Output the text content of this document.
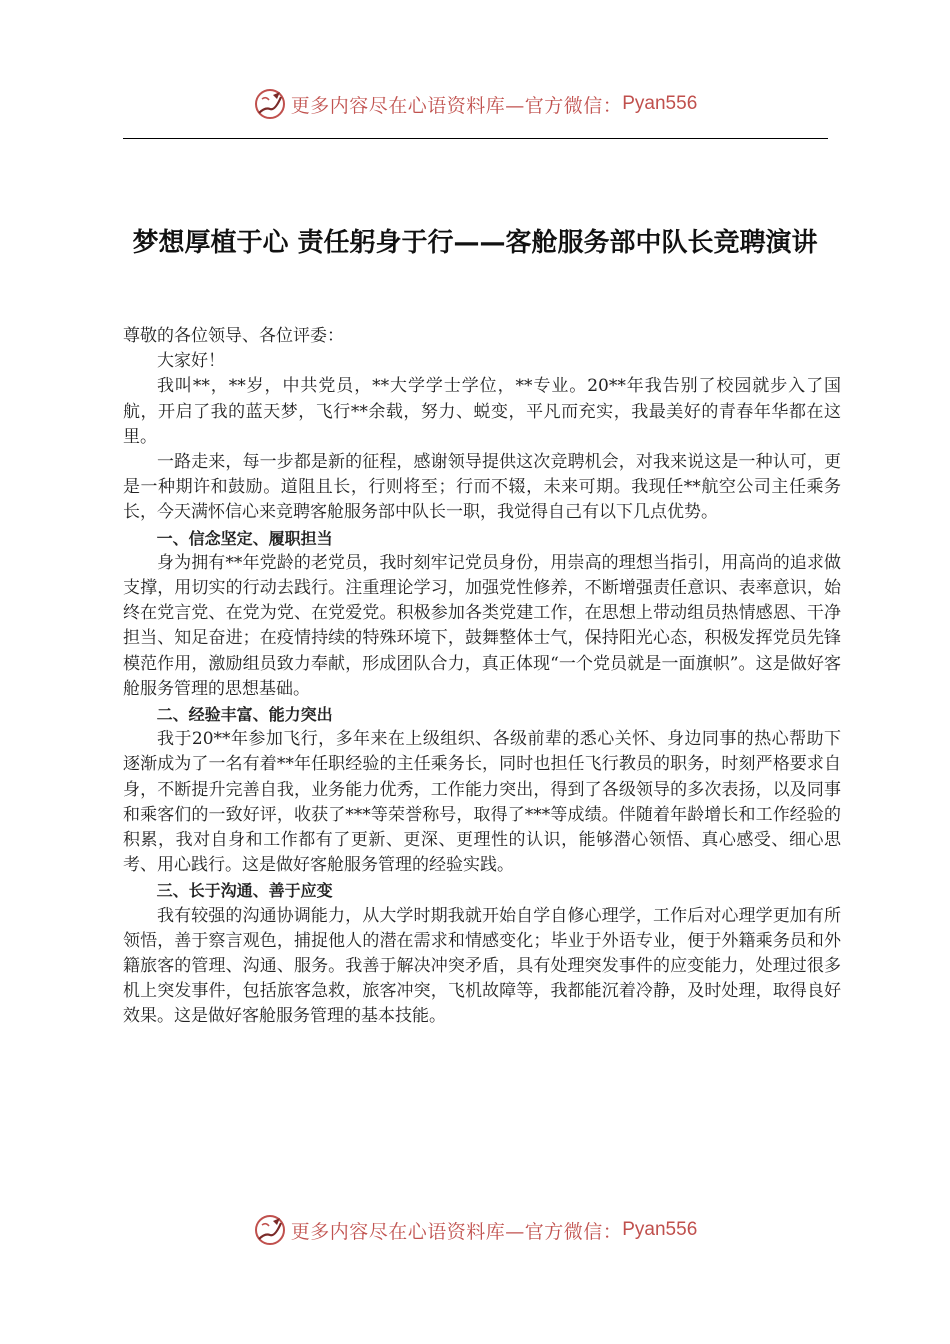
更多内容尽在心语资料库—官方微信： Pyan556
梦想厚植于心 责任躬身于行——客舱服务部中队长竞聘演讲

尊敬的各位领导、各位评委：

大家好！

我叫**，**岁，中共党员，**大学学士学位，**专业。20**年我告别了校园就步入了国航，开启了我的蓝天梦，飞行**余载，努力、蜕变，平凡而充实，我最美好的青春年华都在这里。

一路走来，每一步都是新的征程，感谢领导提供这次竞聘机会，对我来说这是一种认可，更是一种期许和鼓励。道阻且长，行则将至；行而不辍，未来可期。我现任**航空公司主任乘务长，今天满怀信心来竞聘客舱服务部中队长一职，我觉得自己有以下几点优势。

一、信念坚定、履职担当

身为拥有**年党龄的老党员，我时刻牢记党员身份，用崇高的理想当指引，用高尚的追求做支撑，用切实的行动去践行。注重理论学习，加强党性修养，不断增强责任意识、表率意识，始终在党言党、在党为党、在党爱党。积极参加各类党建工作，在思想上带动组员热情感恩、干净担当、知足奋进；在疫情持续的特殊环境下，鼓舞整体士气，保持阳光心态，积极发挥党员先锋模范作用，激励组员致力奉献，形成团队合力，真正体现“一个党员就是一面旗帜”。这是做好客舱服务管理的思想基础。

二、经验丰富、能力突出

我于20**年参加飞行，多年来在上级组织、各级前辈的悉心关怀、身边同事的热心帮助下逐渐成为了一名有着**年任职经验的主任乘务长，同时也担任飞行教员的职务，时刻严格要求自身，不断提升完善自我，业务能力优秀，工作能力突出，得到了各级领导的多次表扬，以及同事和乘客们的一致好评，收获了***等荣誉称号，取得了***等成绩。伴随着年龄增长和工作经验的积累，我对自身和工作都有了更新、更深、更理性的认识，能够潜心领悟、真心感受、细心思考、用心践行。这是做好客舱服务管理的经验实践。

三、长于沟通、善于应变

我有较强的沟通协调能力，从大学时期我就开始自学自修心理学，工作后对心理学更加有所领悟，善于察言观色，捕捉他人的潜在需求和情感变化；毕业于外语专业，便于外籍乘务员和外籍旅客的管理、沟通、服务。我善于解决冲突矛盾，具有处理突发事件的应变能力，处理过很多机上突发事件，包括旅客急救，旅客冲突，飞机故障等，我都能沉着冷静，及时处理，取得良好效果。这是做好客舱服务管理的基本技能。

更多内容尽在心语资料库—官方微信： Pyan556
